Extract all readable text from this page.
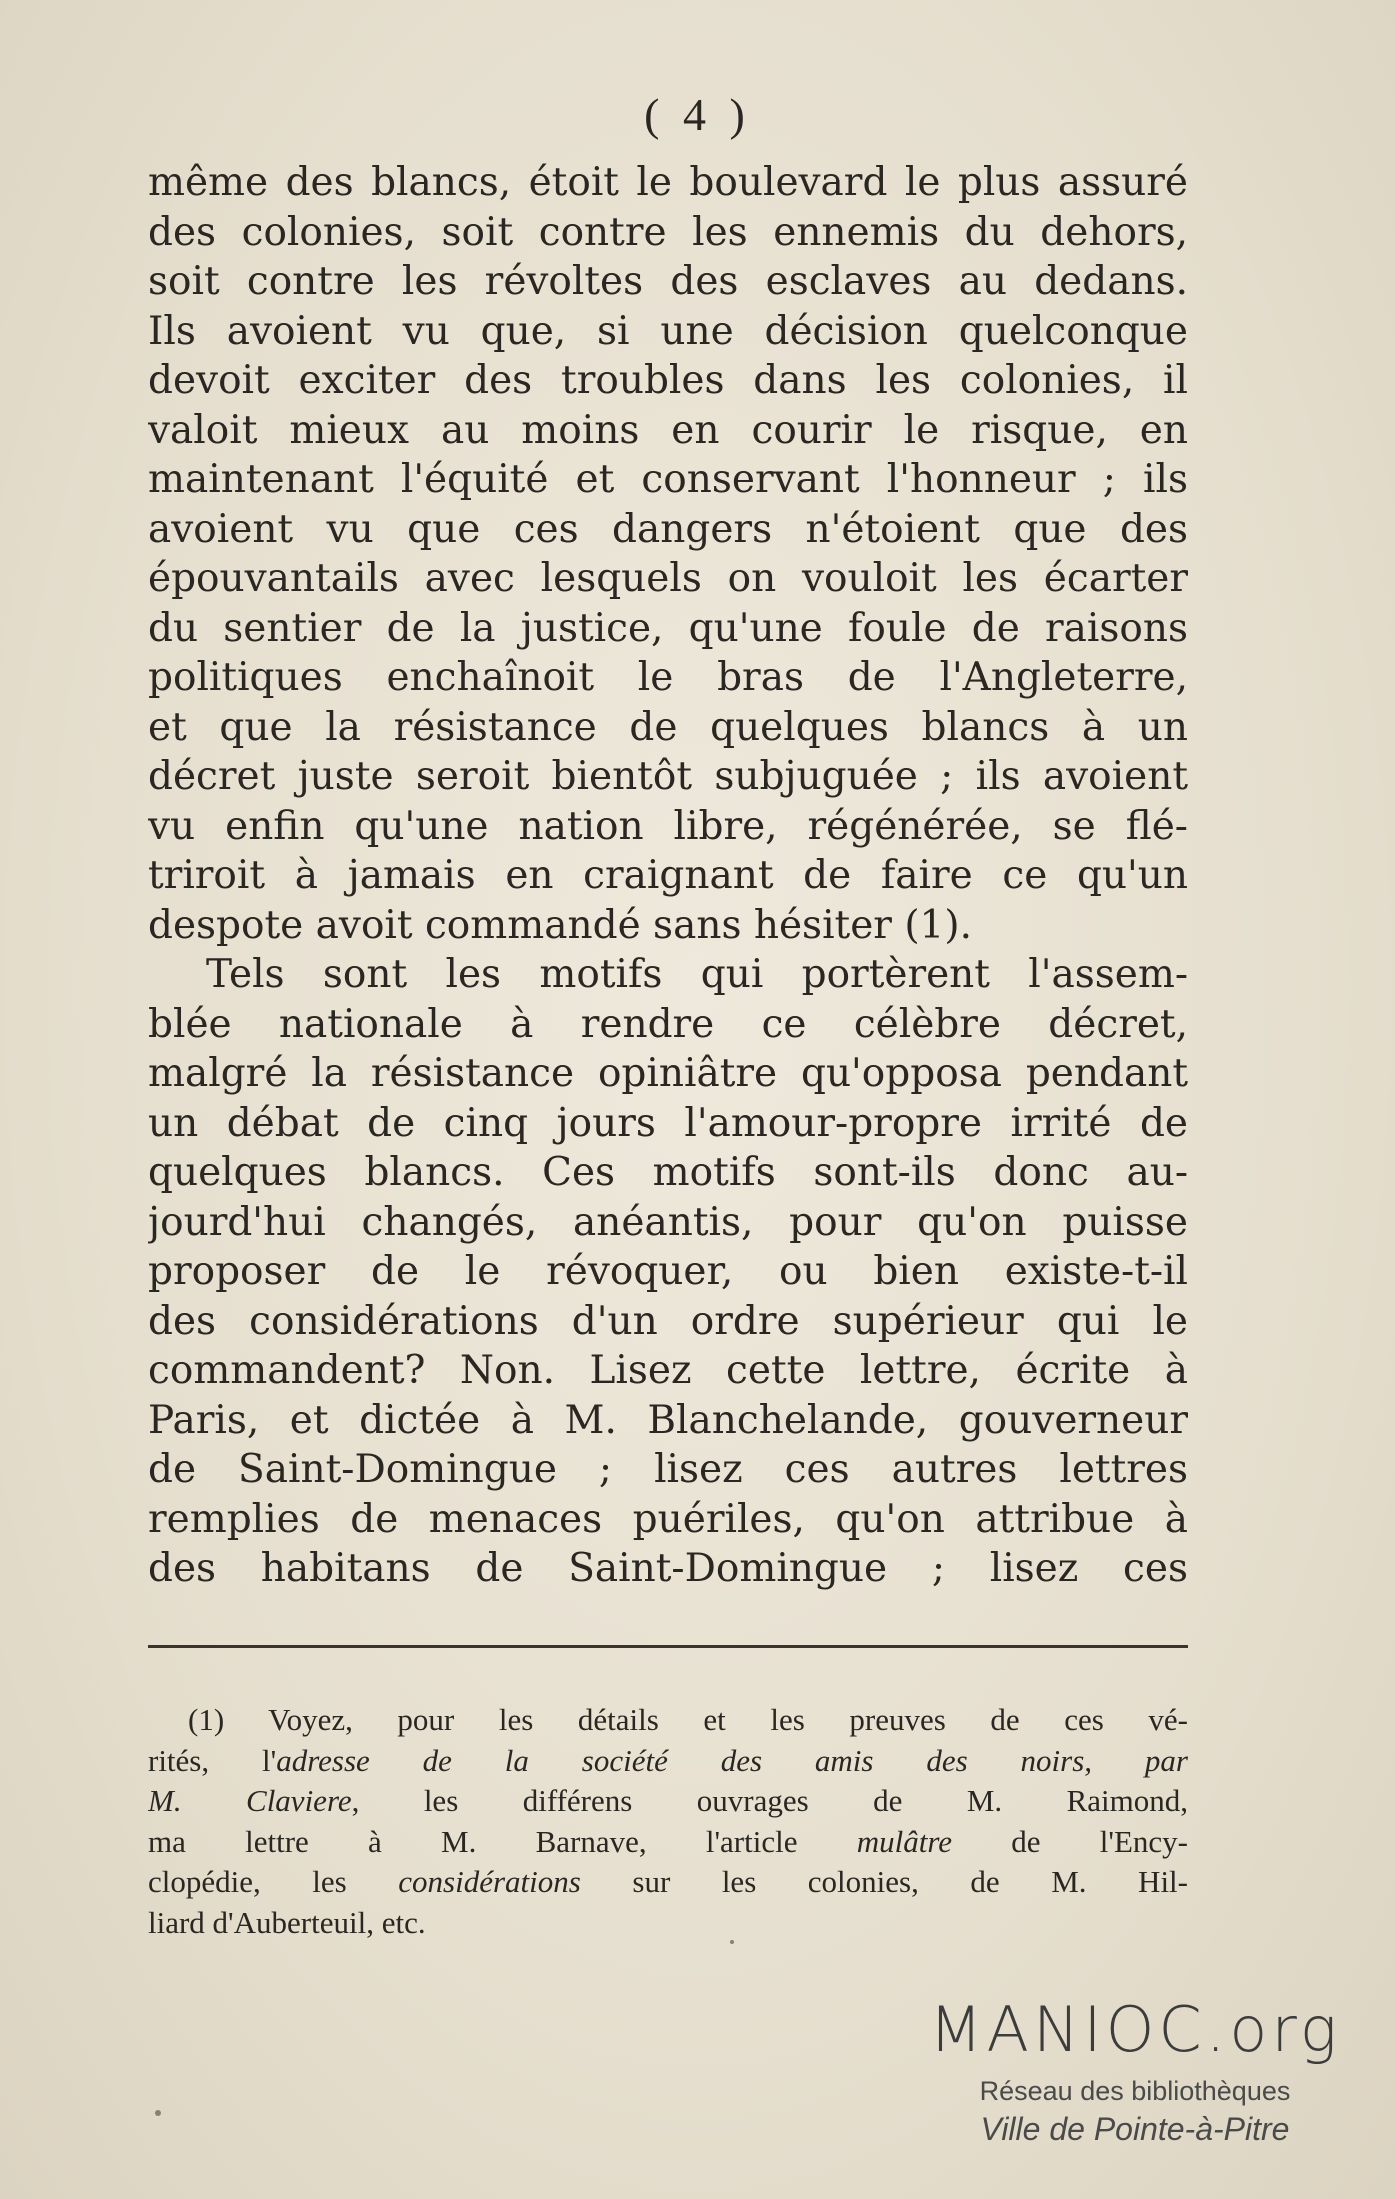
( 4 )
même des blancs, étoit le boulevard le plus assuré
des colonies, soit contre les ennemis du dehors,
soit contre les révoltes des esclaves au dedans.
Ils avoient vu que, si une décision quelconque
devoit exciter des troubles dans les colonies, il
valoit mieux au moins en courir le risque, en
maintenant l'équité et conservant l'honneur ; ils
avoient vu que ces dangers n'étoient que des
épouvantails avec lesquels on vouloit les écarter
du sentier de la justice, qu'une foule de raisons
politiques enchaînoit le bras de l'Angleterre,
et que la résistance de quelques blancs à un
décret juste seroit bientôt subjuguée ; ils avoient
vu enfin qu'une nation libre, régénérée, se flé-
triroit à jamais en craignant de faire ce qu'un
despote avoit commandé sans hésiter (1).
Tels sont les motifs qui portèrent l'assem-
blée nationale à rendre ce célèbre décret,
malgré la résistance opiniâtre qu'opposa pendant
un débat de cinq jours l'amour-propre irrité de
quelques blancs. Ces motifs sont-ils donc au-
jourd'hui changés, anéantis, pour qu'on puisse
proposer de le révoquer, ou bien existe-t-il
des considérations d'un ordre supérieur qui le
commandent? Non. Lisez cette lettre, écrite à
Paris, et dictée à M. Blanchelande, gouverneur
de Saint-Domingue ; lisez ces autres lettres
remplies de menaces puériles, qu'on attribue à
des habitans de Saint-Domingue ; lisez ces
(1) Voyez, pour les détails et les preuves de ces vé-
rités, l'adresse de la société des amis des noirs, par
M. Claviere, les différens ouvrages de M. Raimond,
ma lettre à M. Barnave, l'article mulâtre de l'Ency-
clopédie, les considérations sur les colonies, de M. Hil-
liard d'Auberteuil, etc.
MANIOC.org
Réseau des bibliothèques
Ville de Pointe-à-Pitre
